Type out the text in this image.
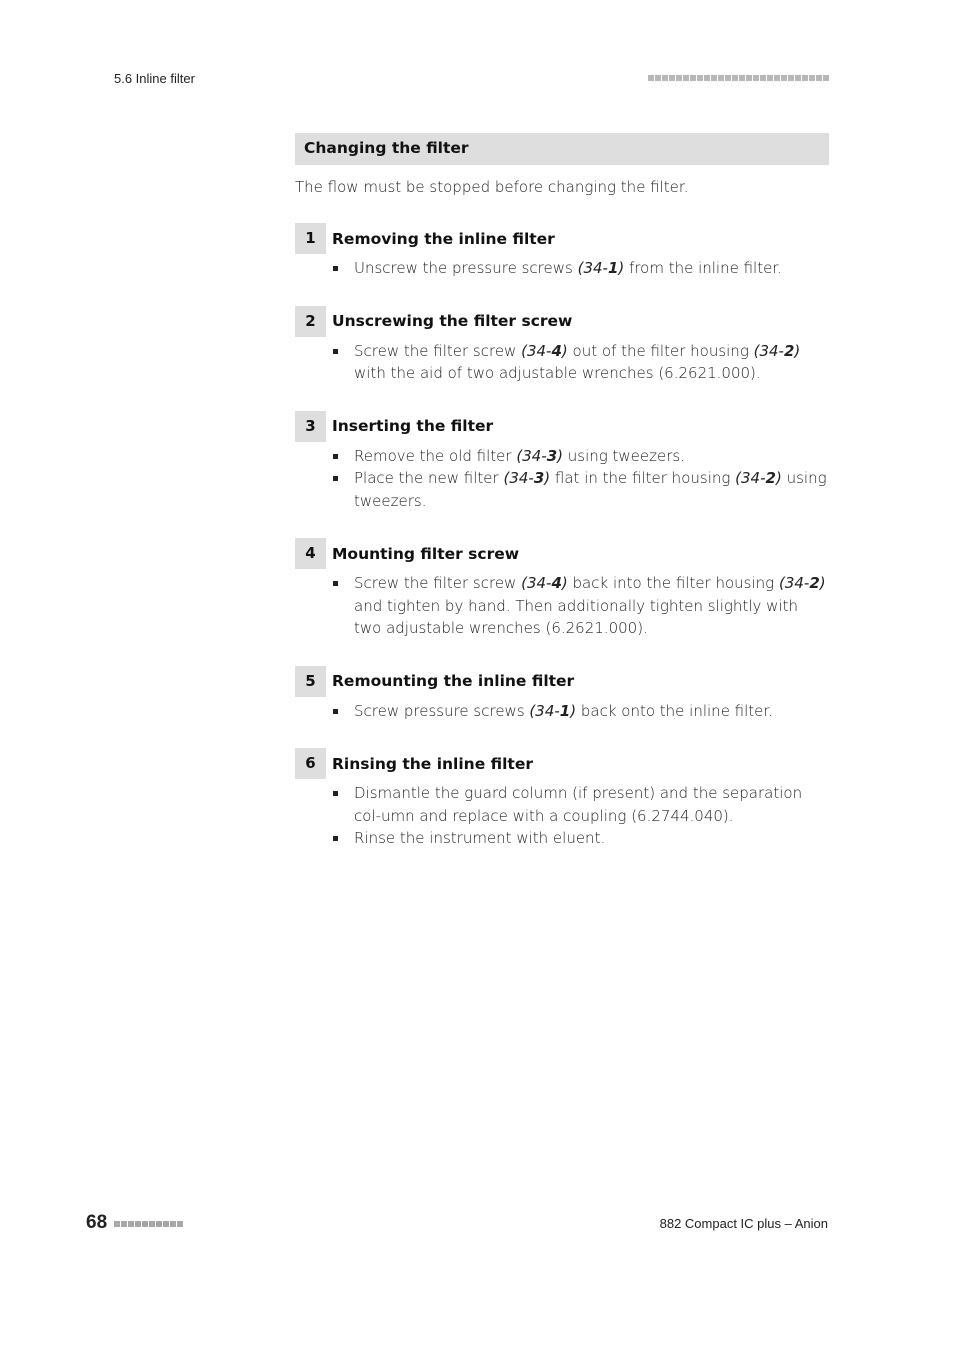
5.6 Inline filter
Changing the filter
The flow must be stopped before changing the filter.
1	Removing the inline filter
Unscrew the pressure screws (34-1) from the inline filter.
2	Unscrewing the filter screw
Screw the filter screw (34-4) out of the filter housing (34-2) with the aid of two adjustable wrenches (6.2621.000).
3	Inserting the filter
Remove the old filter (34-3) using tweezers.
Place the new filter (34-3) flat in the filter housing (34-2) using tweezers.
4	Mounting filter screw
Screw the filter screw (34-4) back into the filter housing (34-2) and tighten by hand. Then additionally tighten slightly with two adjustable wrenches (6.2621.000).
5	Remounting the inline filter
Screw pressure screws (34-1) back onto the inline filter.
6	Rinsing the inline filter
Dismantle the guard column (if present) and the separation col-umn and replace with a coupling (6.2744.040).
Rinse the instrument with eluent.
68	882 Compact IC plus – Anion
